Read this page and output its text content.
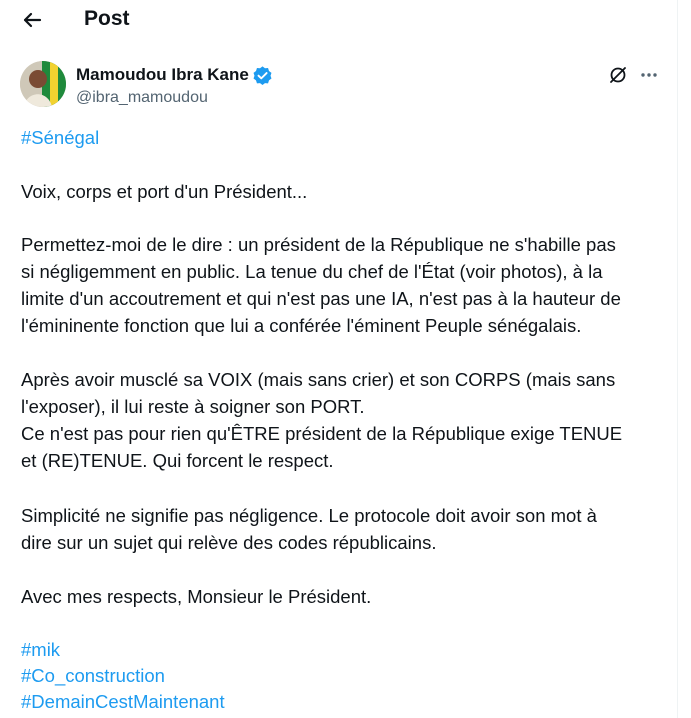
Post
Mamoudou Ibra Kane
@ibra_mamoudou
#Sénégal
Voix, corps et port d'un Président...
Permettez-moi de le dire : un président de la République ne s'habille pas
si négligemment en public. La tenue du chef de l'État (voir photos), à la
limite d'un accoutrement et qui n'est pas une IA, n'est pas à la hauteur de
l'émininente fonction que lui a conférée l'éminent Peuple sénégalais.
Après avoir musclé sa VOIX (mais sans crier) et son CORPS (mais sans
l'exposer), il lui reste à soigner son PORT.
Ce n'est pas pour rien qu'ÊTRE président de la République exige TENUE
et (RE)TENUE. Qui forcent le respect.
Simplicité ne signifie pas négligence. Le protocole doit avoir son mot à
dire sur un sujet qui relève des codes républicains.
Avec mes respects, Monsieur le Président.
#mik
#Co_construction
#DemainCestMaintenant
